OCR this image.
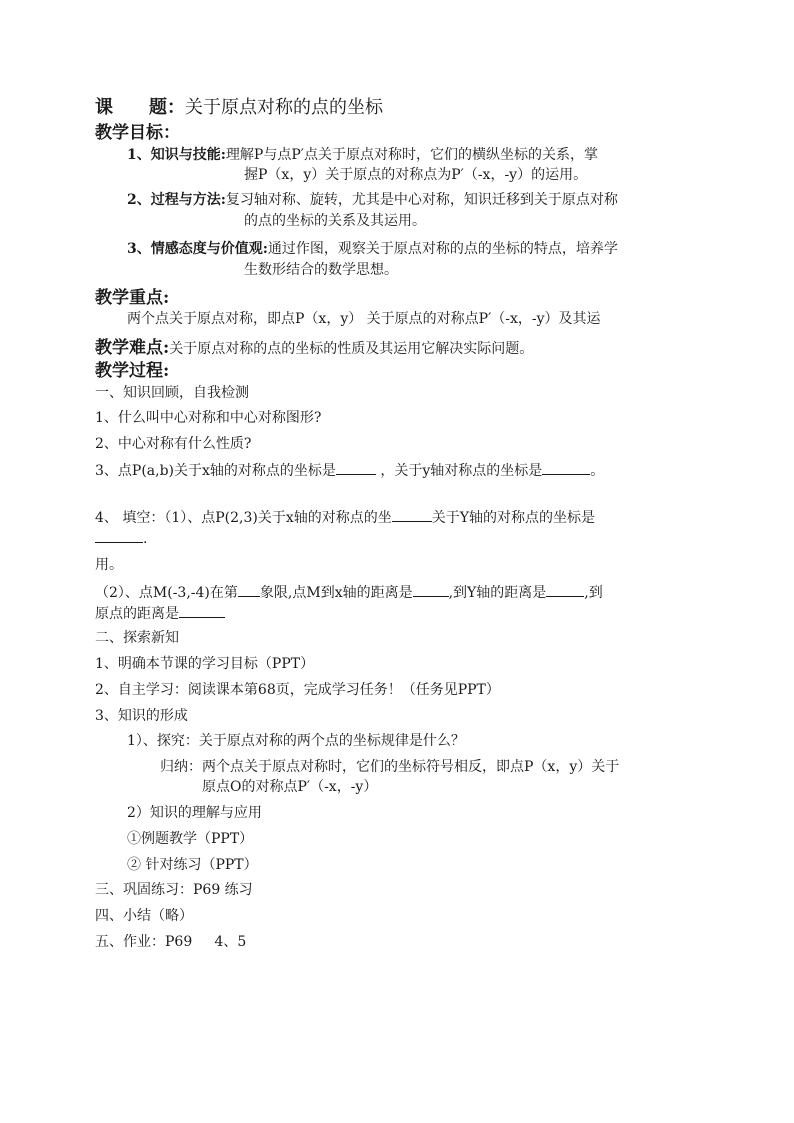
课　　题：关于原点对称的点的坐标
教学目标：
1、知识与技能:理解P与点P′点关于原点对称时，它们的横纵坐标的关系，掌
握P（x，y）关于原点的对称点为P′（-x，-y）的运用。
2、过程与方法:复习轴对称、旋转，尤其是中心对称，知识迁移到关于原点对称
的点的坐标的关系及其运用。
3、情感态度与价值观:通过作图，观察关于原点对称的点的坐标的特点，培养学
生数形结合的数学思想。
教学重点:
两个点关于原点对称，即点P（x，y） 关于原点的对称点P′（-x，-y）及其运
教学难点:关于原点对称的点的坐标的性质及其运用它解决实际问题。
教学过程:
一、知识回顾，自我检测
1、什么叫中心对称和中心对称图形?
2、中心对称有什么性质?
3、点P(a,b)关于x轴的对称点的坐标是	，关于y轴对称点的坐标是	。
4、 填空：（1）、点P(2,3)关于x轴的对称点的坐	关于Y轴的对称点的坐标是
.
用。
（2）、点M(-3,-4)在第 象限,点M到x轴的距离是	,到Y轴的距离是	,到
原点的距离是
二、探索新知
1、明确本节课的学习目标（PPT）
2、自主学习：阅读课本第68页，完成学习任务！（任务见PPT）
3、知识的形成
1）、探究：关于原点对称的两个点的坐标规律是什么？
归纳：两个点关于原点对称时，它们的坐标符号相反，即点P（x，y）关于
原点O的对称点P′（-x，-y）
2）知识的理解与应用
①例题教学（PPT）
② 针对练习（PPT）
三、巩固练习：P69 练习
四、小结（略）
五、作业：P69     4、5
